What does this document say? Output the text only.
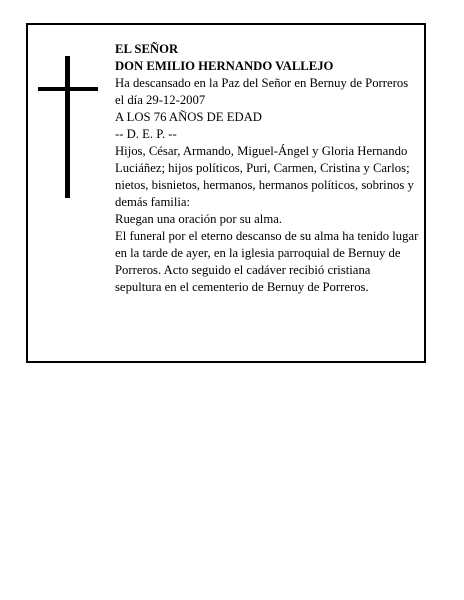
EL SEÑOR

DON EMILIO HERNANDO VALLEJO

Ha descansado en la Paz del Señor en Bernuy de Porreros el día 29-12-2007

A LOS 76 AÑOS DE EDAD

-- D. E. P. --

Hijos, César, Armando, Miguel-Ángel y Gloria Hernando Luciáñez; hijos políticos, Puri, Carmen, Cristina y Carlos; nietos, bisnietos, hermanos, hermanos políticos, sobrinos y demás familia:

Ruegan una oración por su alma.

El funeral por el eterno descanso de su alma ha tenido lugar en la tarde de ayer, en la iglesia parroquial de Bernuy de Porreros. Acto seguido el cadáver recibió cristiana sepultura en el cementerio de Bernuy de Porreros.
